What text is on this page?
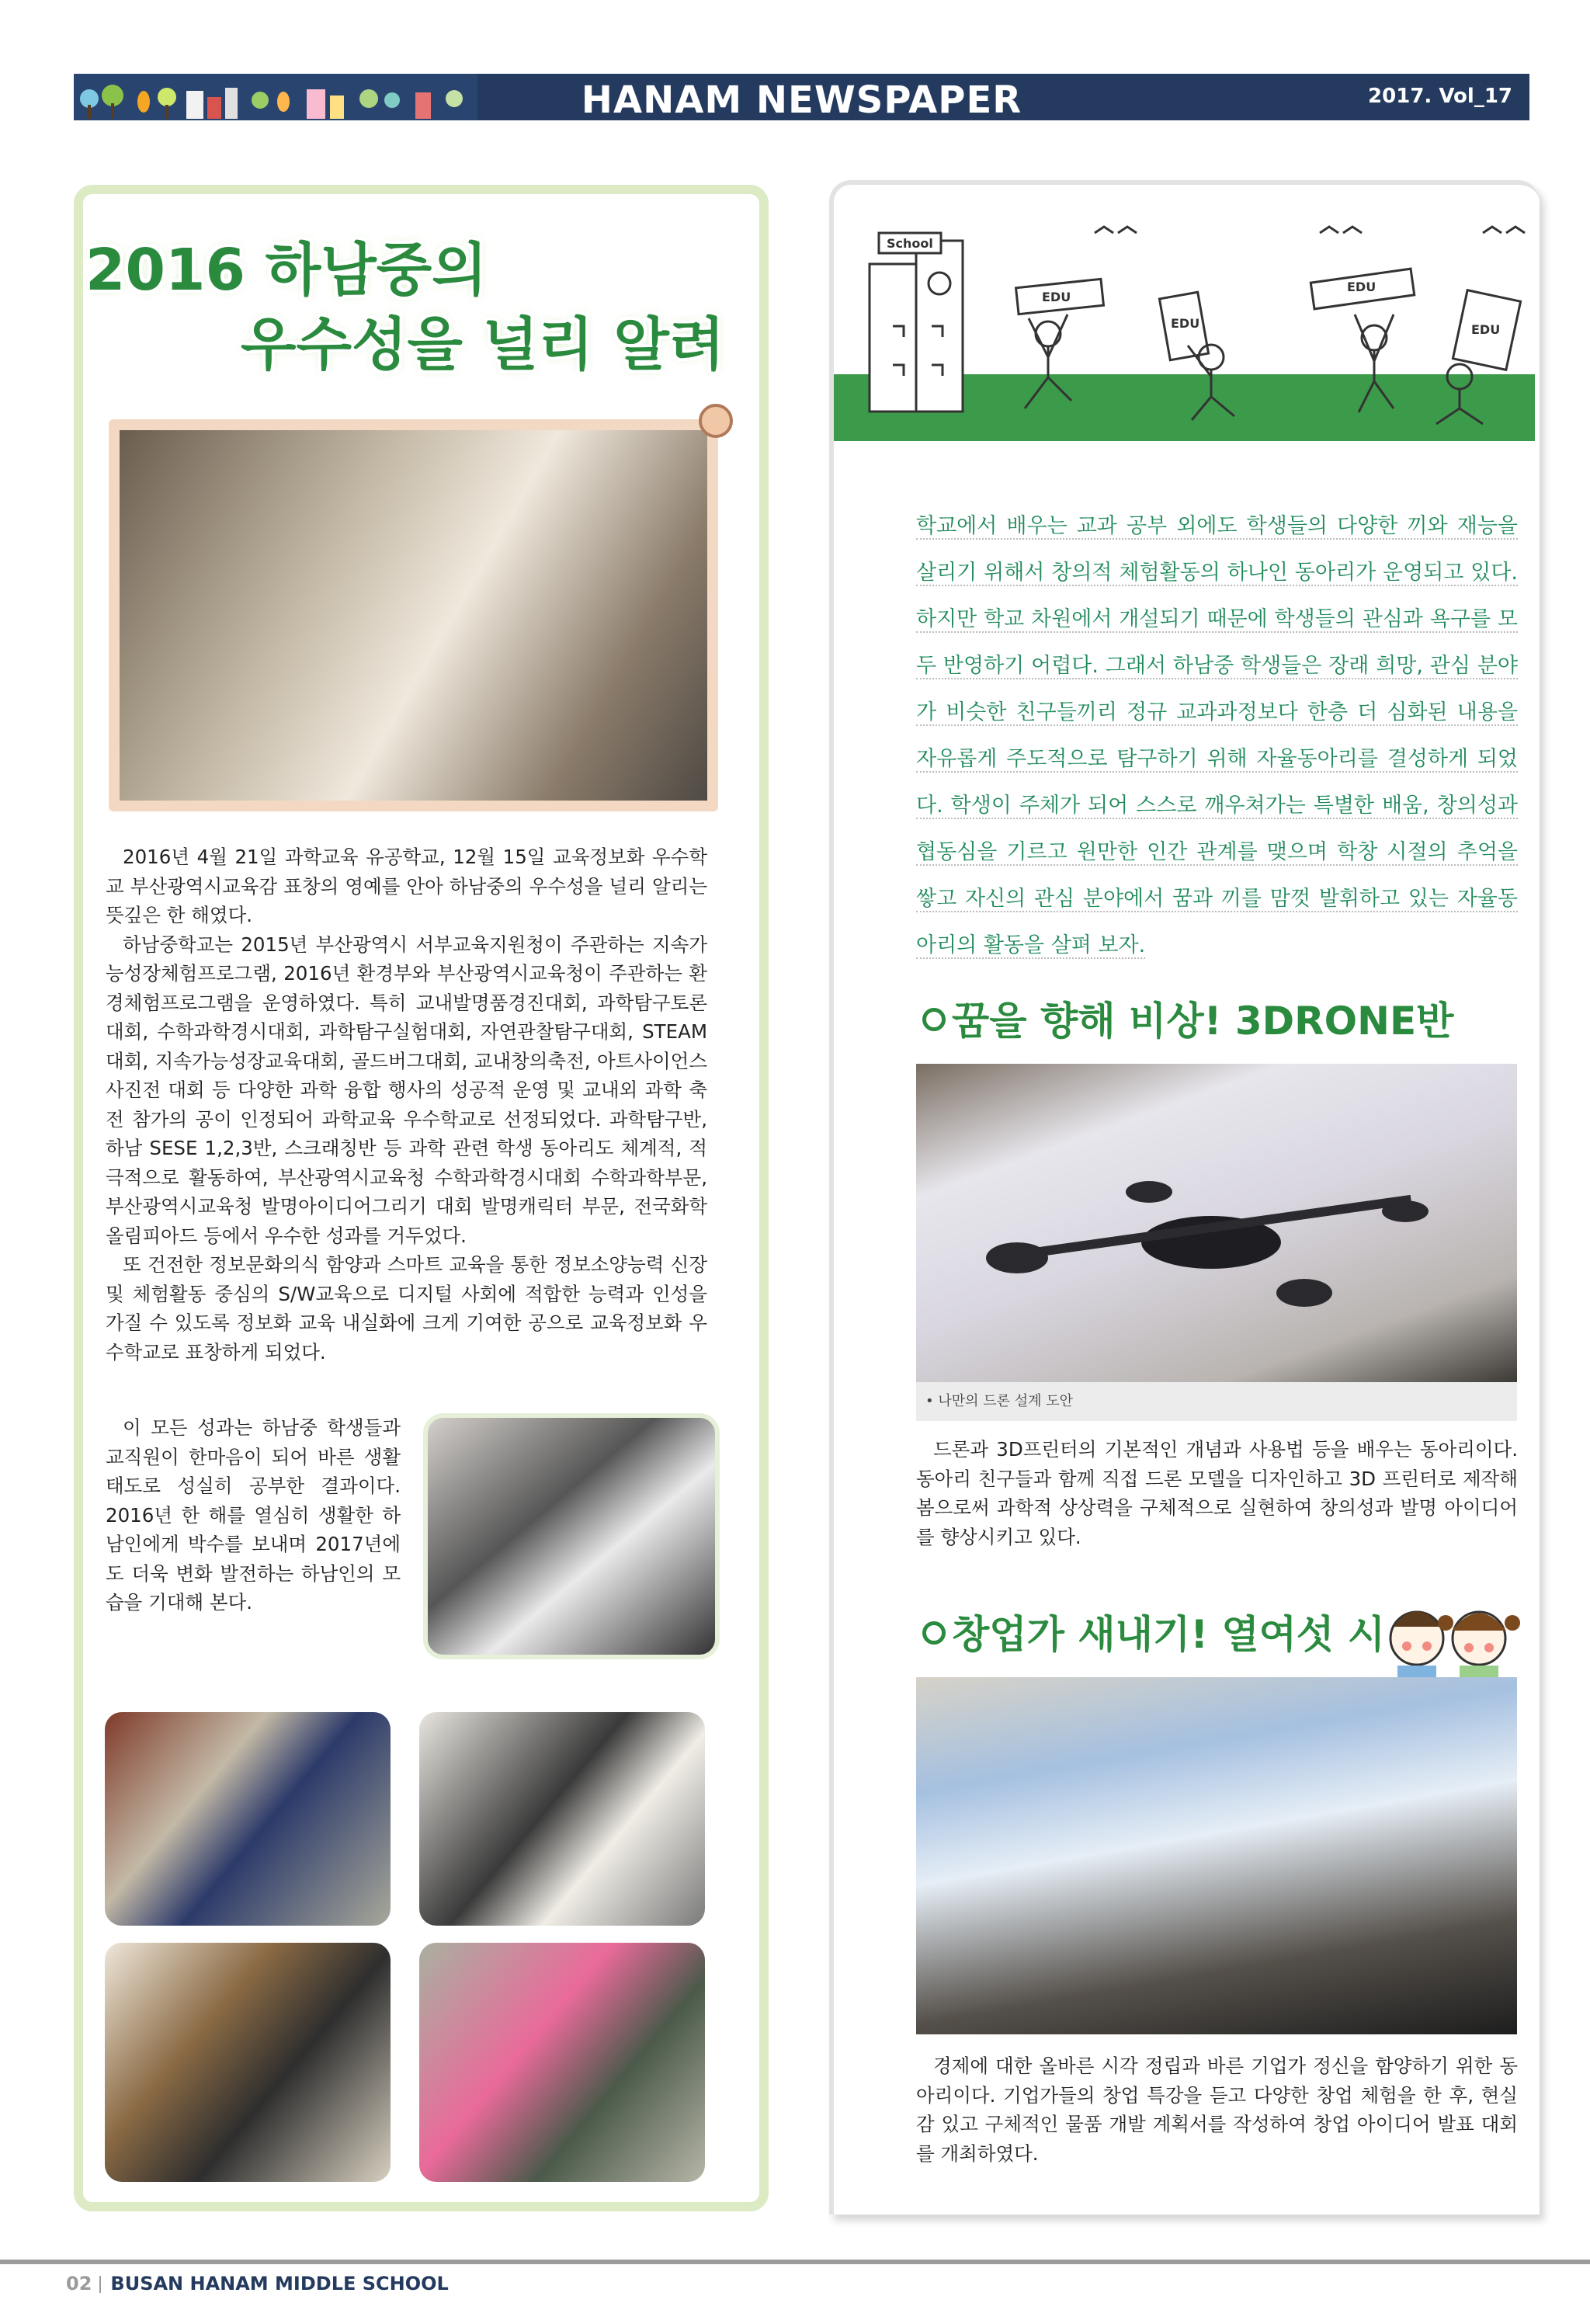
HANAM NEWSPAPER	2017. Vol_17
2016 하남중의
우수성을 널리 알려

2016년 4월 21일 과학교육 유공학교, 12월 15일 교육정보화 우수학교 부산광역시교육감 표창의 영예를 안아 하남중의 우수성을 널리 알리는 뜻깊은 한 해였다.

하남중학교는 2015년 부산광역시 서부교육지원청이 주관하는 지속가능성장체험프로그램, 2016년 환경부와 부산광역시교육청이 주관하는 환경체험프로그램을 운영하였다. 특히 교내발명품경진대회, 과학탐구토론대회, 수학과학경시대회, 과학탐구실험대회, 자연관찰탐구대회, STEAM대회, 지속가능성장교육대회, 골드버그대회, 교내창의축전, 아트사이언스 사진전 대회 등 다양한 과학 융합 행사의 성공적 운영 및 교내외 과학 축전 참가의 공이 인정되어 과학교육 우수학교로 선정되었다. 과학탐구반, 하남 SESE 1,2,3반, 스크래칭반 등 과학 관련 학생 동아리도 체계적, 적극적으로 활동하여, 부산광역시교육청 수학과학경시대회 수학과학부문, 부산광역시교육청 발명아이디어그리기 대회 발명캐릭터 부문, 전국화학올림피아드 등에서 우수한 성과를 거두었다.

또 건전한 정보문화의식 함양과 스마트 교육을 통한 정보소양능력 신장 및 체험활동 중심의 S/W교육으로 디지털 사회에 적합한 능력과 인성을 가질 수 있도록 정보화 교육 내실화에 크게 기여한 공으로 교육정보화 우수학교로 표창하게 되었다.

이 모든 성과는 하남중 학생들과 교직원이 한마음이 되어 바른 생활 태도로 성실히 공부한 결과이다. 2016년 한 해를 열심히 생활한 하남인에게 박수를 보내며 2017년에도 더욱 변화 발전하는 하남인의 모습을 기대해 본다.

School
EDU
EDU
EDU
EDU
학교에서 배우는 교과 공부 외에도 학생들의 다양한 끼와 재능을 살리기 위해서 창의적 체험활동의 하나인 동아리가 운영되고 있다. 하지만 학교 차원에서 개설되기 때문에 학생들의 관심과 욕구를 모두 반영하기 어렵다. 그래서 하남중 학생들은 장래 희망, 관심 분야가 비슷한 친구들끼리 정규 교과과정보다 한층 더 심화된 내용을 자유롭게 주도적으로 탐구하기 위해 자율동아리를 결성하게 되었다. 학생이 주체가 되어 스스로 깨우쳐가는 특별한 배움, 창의성과 협동심을 기르고 원만한 인간 관계를 맺으며 학창 시절의 추억을 쌓고 자신의 관심 분야에서 꿈과 끼를 맘껏 발휘하고 있는 자율동아리의 활동을 살펴 보자.
꿈을 향해 비상! 3DRONE반
• 나만의 드론 설계 도안

드론과 3D프린터의 기본적인 개념과 사용법 등을 배우는 동아리이다. 동아리 친구들과 함께 직접 드론 모델을 디자인하고 3D 프린터로 제작해 봄으로써 과학적 상상력을 구체적으로 실현하여 창의성과 발명 아이디어를 향상시키고 있다.

창업가 새내기! 열여섯 시

경제에 대한 올바른 시각 정립과 바른 기업가 정신을 함양하기 위한 동아리이다. 기업가들의 창업 특강을 듣고 다양한 창업 체험을 한 후, 현실감 있고 구체적인 물품 개발 계획서를 작성하여 창업 아이디어 발표 대회를 개최하였다.

02 BUSAN HANAM MIDDLE SCHOOL
